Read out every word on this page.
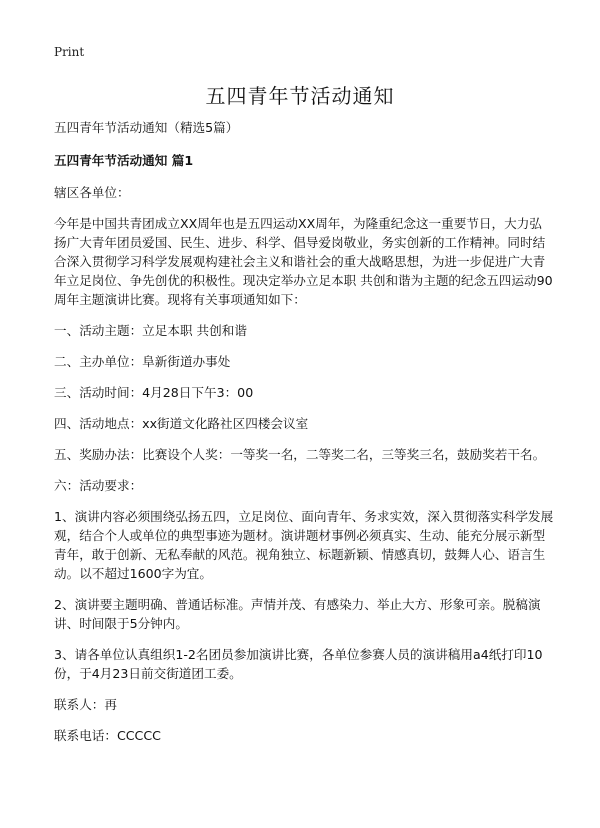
Print
五四青年节活动通知

五四青年节活动通知（精选5篇）

五四青年节活动通知 篇1

辖区各单位：

今年是中国共青团成立XX周年也是五四运动XX周年，为隆重纪念这一重要节日，大力弘扬广大青年团员爱国、民生、进步、科学、倡导爱岗敬业，务实创新的工作精神。同时结合深入贯彻学习科学发展观构建社会主义和谐社会的重大战略思想，为进一步促进广大青年立足岗位、争先创优的积极性。现决定举办立足本职 共创和谐为主题的纪念五四运动90周年主题演讲比赛。现将有关事项通知如下：

一、活动主题：立足本职 共创和谐

二、主办单位：阜新街道办事处

三、活动时间：4月28日下午3：00

四、活动地点：xx街道文化路社区四楼会议室

五、奖励办法：比赛设个人奖：一等奖一名，二等奖二名，三等奖三名，鼓励奖若干名。

六：活动要求：

1、演讲内容必须围绕弘扬五四，立足岗位、面向青年、务求实效，深入贯彻落实科学发展观，结合个人或单位的典型事迹为题材。演讲题材事例必须真实、生动、能充分展示新型青年，敢于创新、无私奉献的风范。视角独立、标题新颖、情感真切，鼓舞人心、语言生动。以不超过1600字为宜。

2、演讲要主题明确、普通话标准。声情并茂、有感染力、举止大方、形象可亲。脱稿演讲、时间限于5分钟内。

3、请各单位认真组织1-2名团员参加演讲比赛，各单位参赛人员的演讲稿用a4纸打印10份，于4月23日前交街道团工委。

联系人：再

联系电话：CCCCC
